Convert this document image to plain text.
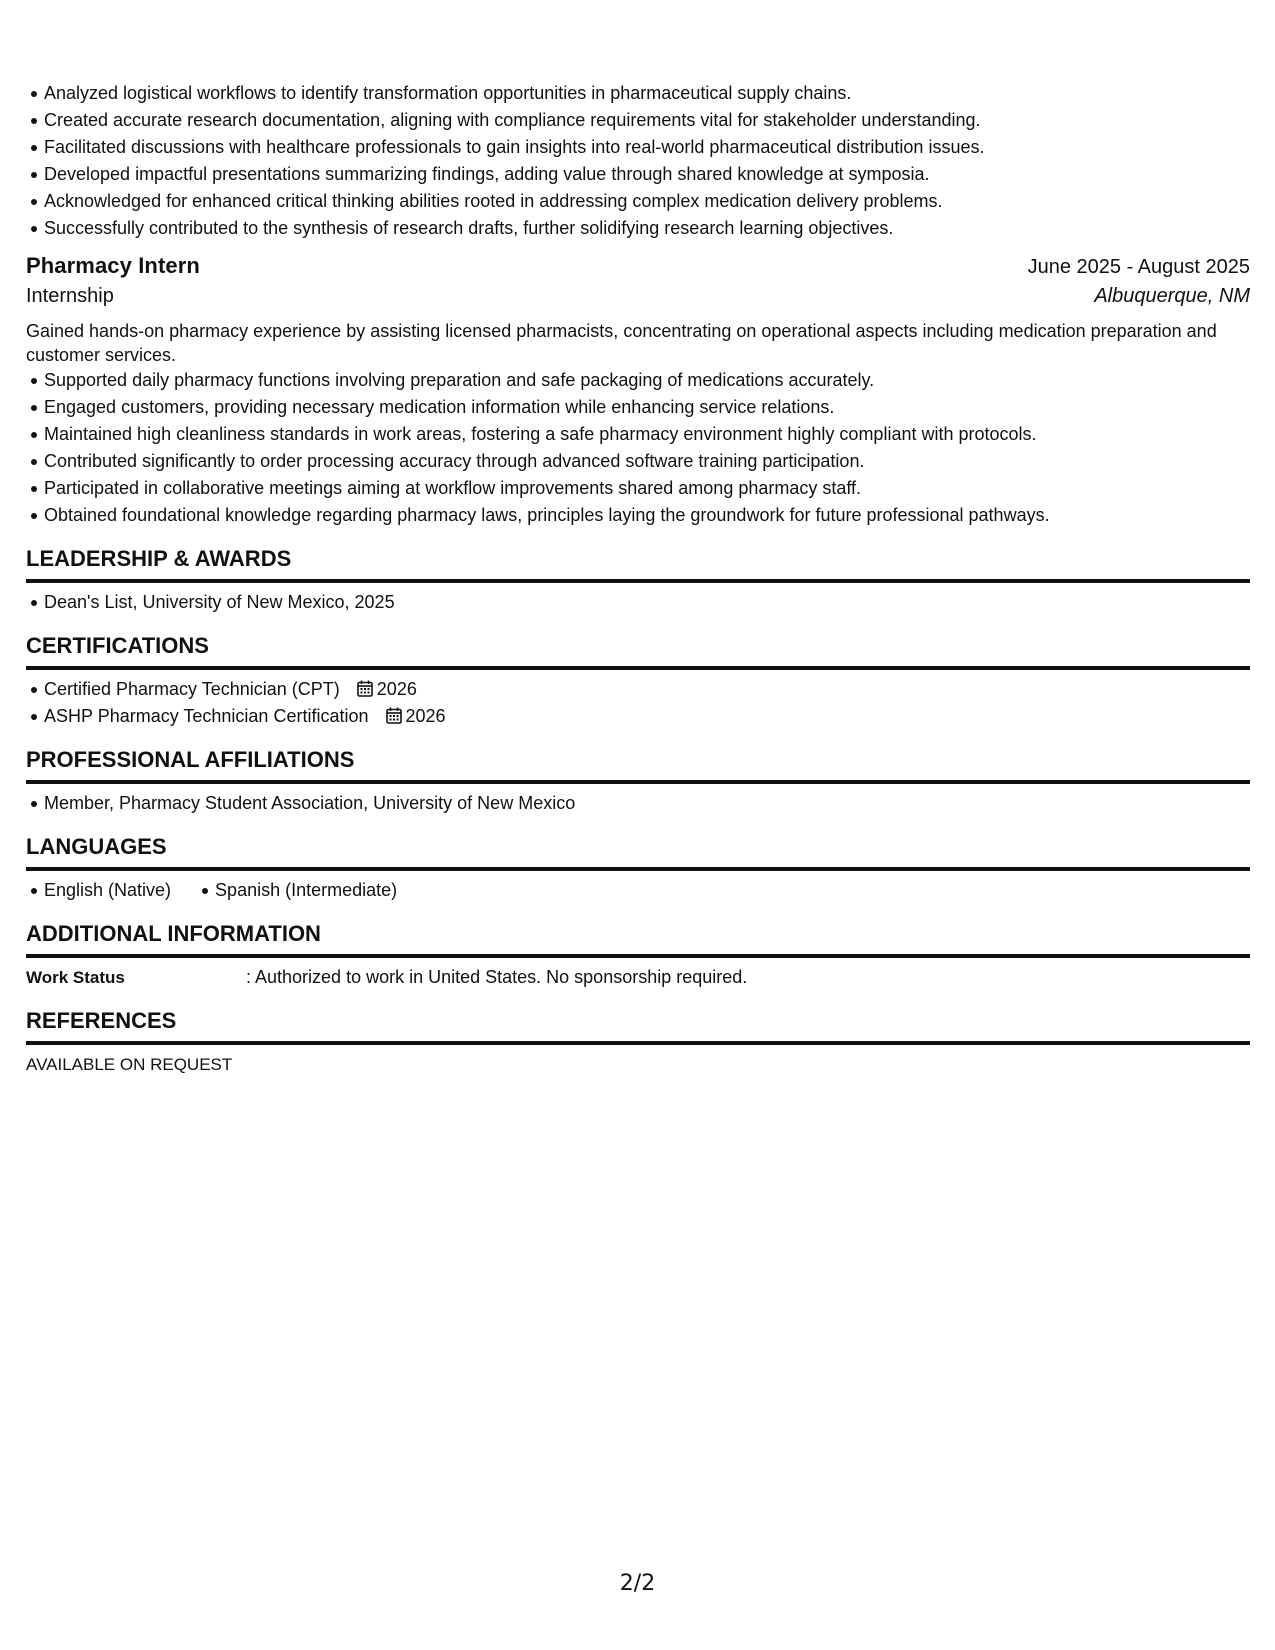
Analyzed logistical workflows to identify transformation opportunities in pharmaceutical supply chains.
Created accurate research documentation, aligning with compliance requirements vital for stakeholder understanding.
Facilitated discussions with healthcare professionals to gain insights into real-world pharmaceutical distribution issues.
Developed impactful presentations summarizing findings, adding value through shared knowledge at symposia.
Acknowledged for enhanced critical thinking abilities rooted in addressing complex medication delivery problems.
Successfully contributed to the synthesis of research drafts, further solidifying research learning objectives.
Pharmacy Intern	June 2025 - August 2025
Internship	Albuquerque, NM
Gained hands-on pharmacy experience by assisting licensed pharmacists, concentrating on operational aspects including medication preparation and customer services.
Supported daily pharmacy functions involving preparation and safe packaging of medications accurately.
Engaged customers, providing necessary medication information while enhancing service relations.
Maintained high cleanliness standards in work areas, fostering a safe pharmacy environment highly compliant with protocols.
Contributed significantly to order processing accuracy through advanced software training participation.
Participated in collaborative meetings aiming at workflow improvements shared among pharmacy staff.
Obtained foundational knowledge regarding pharmacy laws, principles laying the groundwork for future professional pathways.
LEADERSHIP & AWARDS
Dean's List, University of New Mexico, 2025
CERTIFICATIONS
Certified Pharmacy Technician (CPT) 2026
ASHP Pharmacy Technician Certification 2026
PROFESSIONAL AFFILIATIONS
Member, Pharmacy Student Association, University of New Mexico
LANGUAGES
English (Native) Spanish (Intermediate)
ADDITIONAL INFORMATION
Work Status	: Authorized to work in United States. No sponsorship required.
REFERENCES
AVAILABLE ON REQUEST
2/2
